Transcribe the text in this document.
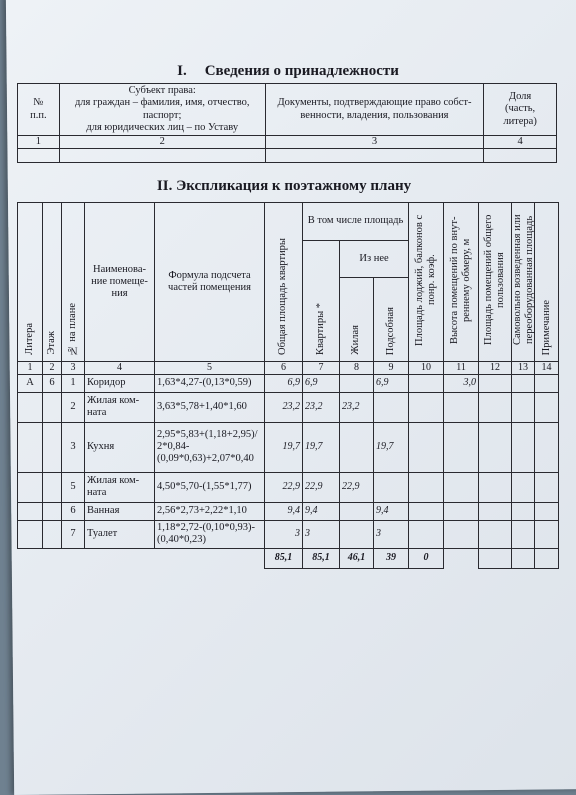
I. Сведения о принадлежности
№
п.п.	Субъект права:
для граждан – фамилия, имя, отчество,
паспорт;
для юридических лиц – по Уставу	Документы, подтверждающие право собст-
венности, владения, пользования	Доля
(часть,
литера)
1	2	3	4

II. Экспликация к поэтажному плану
Литера	Этаж	№ на плане	Наименова-
ние помеще-
ния	Формула подсчета
частей помещения	Общая площадь квартиры	В том числе площадь			Площадь лоджий, балконов с понр. коэф.	Высота помещений по внут- реннему обмеру, м	Площадь помещений общего пользования	Самовольно возведенная или переоборудованная площадь	Примечание
						Квартиры *	Из нее						
							Жилая	Подсобная					
1	2	3	4	5	6	7	8	9	10	11	12	13	14
А	6	1	Коридор	1,63*4,27-(0,13*0,59)	6,9	6,9		6,9		3,0			
		2	Жилая ком-
ната	3,63*5,78+1,40*1,60	23,2	23,2	23,2						
		3	Кухня	2,95*5,83+(1,18+2,95)/
2*0,84-
(0,09*0,63)+2,07*0,40	19,7	19,7		19,7					
		5	Жилая ком-
ната	4,50*5,70-(1,55*1,77)	22,9	22,9	22,9						
		6	Ванная	2,56*2,73+2,22*1,10	9,4	9,4		9,4					
		7	Туалет	1,18*2,72-(0,10*0,93)-
(0,40*0,23)	3	3		3					
					85,1	85,1	46,1	39	0				
